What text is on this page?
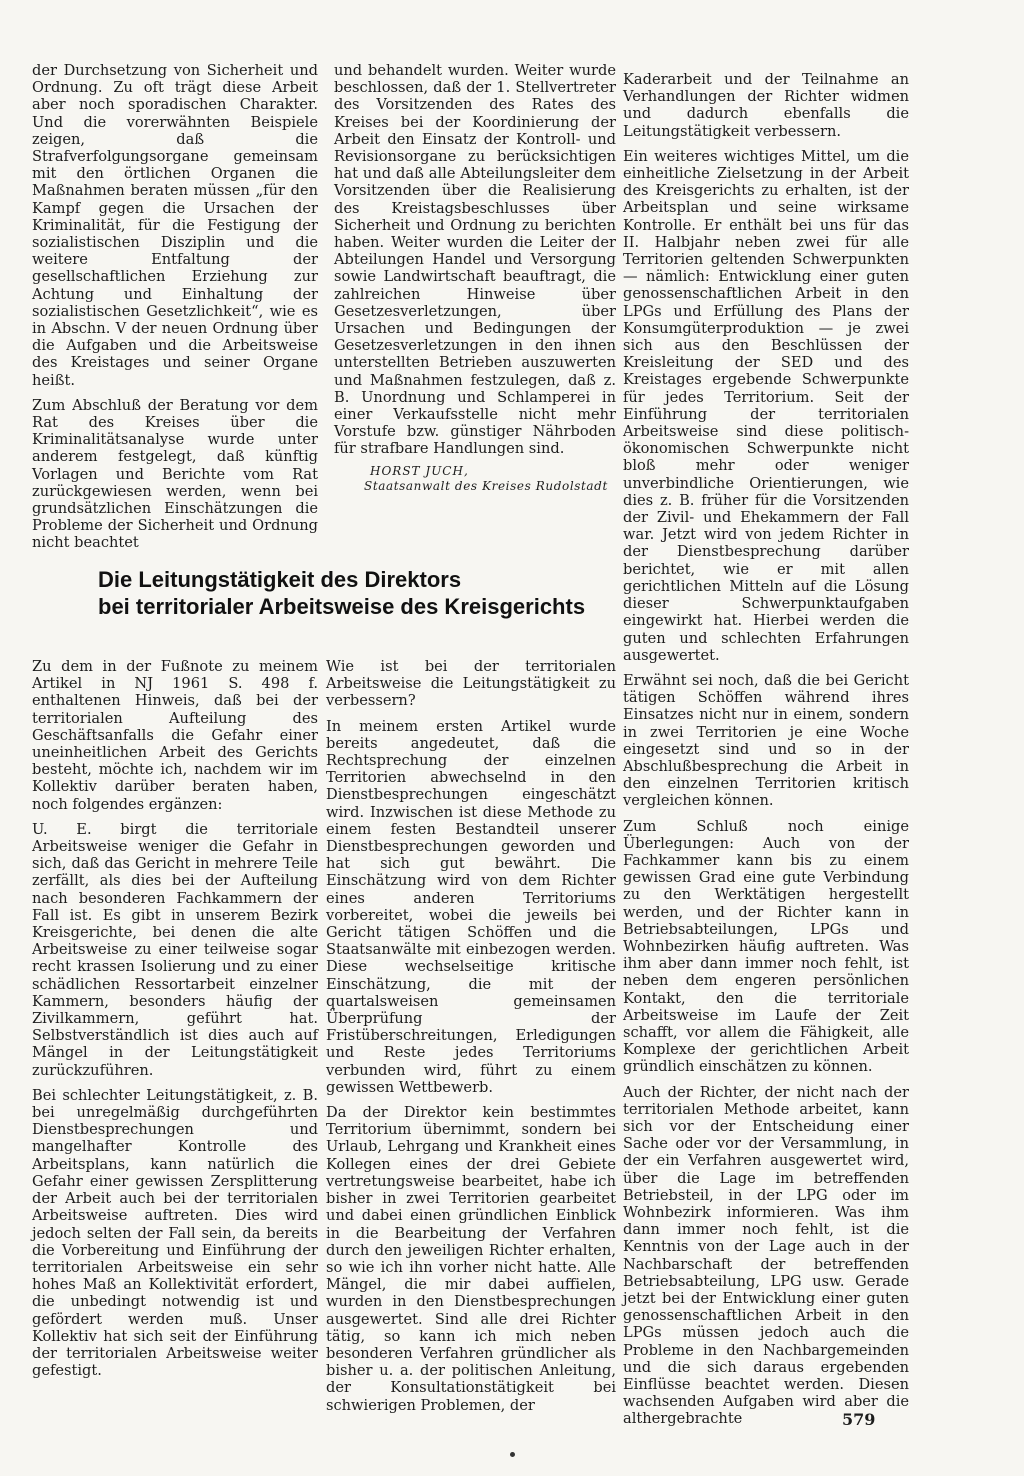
der Durchsetzung von Sicherheit und Ordnung. Zu oft trägt diese Arbeit aber noch sporadischen Charakter. Und die vorerwähnten Beispiele zeigen, daß die Strafverfolgungsorgane gemeinsam mit den örtlichen Organen die Maßnahmen beraten müssen „für den Kampf gegen die Ursachen der Kriminalität, für die Festigung der sozialistischen Disziplin und die weitere Entfaltung der gesellschaftlichen Erziehung zur Achtung und Einhaltung der sozialistischen Gesetzlichkeit“, wie es in Abschn. V der neuen Ordnung über die Aufgaben und die Arbeitsweise des Kreistages und seiner Organe heißt.

Zum Abschluß der Beratung vor dem Rat des Kreises über die Kriminalitätsanalyse wurde unter anderem festgelegt, daß künftig Vorlagen und Berichte vom Rat zurückgewiesen werden, wenn bei grundsätzlichen Einschätzungen die Probleme der Sicherheit und Ordnung nicht beachtet

und behandelt wurden. Weiter wurde beschlossen, daß der 1. Stellvertreter des Vorsitzenden des Rates des Kreises bei der Koordinierung der Arbeit den Einsatz der Kontroll- und Revisionsorgane zu berücksichtigen hat und daß alle Abteilungsleiter dem Vorsitzenden über die Realisierung des Kreistagsbeschlusses über Sicherheit und Ordnung zu berichten haben. Weiter wurden die Leiter der Abteilungen Handel und Versorgung sowie Landwirtschaft beauftragt, die zahlreichen Hinweise über Gesetzesverletzungen, über Ursachen und Bedingungen der Gesetzesverletzungen in den ihnen unterstellten Betrieben auszuwerten und Maßnahmen festzulegen, daß z. B. Unordnung und Schlamperei in einer Verkaufsstelle nicht mehr Vorstufe bzw. günstiger Nährboden für strafbare Handlungen sind.

HORST JUCH,
Staatsanwalt des Kreises Rudolstadt
Die Leitungstätigkeit des Direktors
bei territorialer Arbeitsweise des Kreisgerichts

Kaderarbeit und der Teilnahme an Verhandlungen der Richter widmen und dadurch ebenfalls die Leitungstätigkeit verbessern.

Ein weiteres wichtiges Mittel, um die einheitliche Zielsetzung in der Arbeit des Kreisgerichts zu erhalten, ist der Arbeitsplan und seine wirksame Kontrolle. Er enthält bei uns für das II. Halbjahr neben zwei für alle Territorien geltenden Schwerpunkten — nämlich: Entwicklung einer guten genossenschaftlichen Arbeit in den LPGs und Erfüllung des Plans der Konsumgüterproduktion — je zwei sich aus den Beschlüssen der Kreisleitung der SED und des Kreistages ergebende Schwerpunkte für jedes Territorium. Seit der Einführung der territorialen Arbeitsweise sind diese politisch-ökonomischen Schwerpunkte nicht bloß mehr oder weniger unverbindliche Orientierungen, wie dies z. B. früher für die Vorsitzenden der Zivil- und Ehekammern der Fall war. Jetzt wird von jedem Richter in der Dienstbesprechung darüber berichtet, wie er mit allen gerichtlichen Mitteln auf die Lösung dieser Schwerpunktaufgaben eingewirkt hat. Hierbei werden die guten und schlechten Erfahrungen ausgewertet.

Erwähnt sei noch, daß die bei Gericht tätigen Schöffen während ihres Einsatzes nicht nur in einem, sondern in zwei Territorien je eine Woche eingesetzt sind und so in der Abschlußbesprechung die Arbeit in den einzelnen Territorien kritisch vergleichen können.

Zum Schluß noch einige Überlegungen: Auch von der Fachkammer kann bis zu einem gewissen Grad eine gute Verbindung zu den Werktätigen hergestellt werden, und der Richter kann in Betriebsabteilungen, LPGs und Wohnbezirken häufig auftreten. Was ihm aber dann immer noch fehlt, ist neben dem engeren persönlichen Kontakt, den die territoriale Arbeitsweise im Laufe der Zeit schafft, vor allem die Fähigkeit, alle Komplexe der gerichtlichen Arbeit gründlich einschätzen zu können.

Auch der Richter, der nicht nach der territorialen Methode arbeitet, kann sich vor der Entscheidung einer Sache oder vor der Versammlung, in der ein Verfahren ausgewertet wird, über die Lage im betreffenden Betriebsteil, in der LPG oder im Wohnbezirk informieren. Was ihm dann immer noch fehlt, ist die Kenntnis von der Lage auch in der Nachbarschaft der betreffenden Betriebsabteilung, LPG usw. Gerade jetzt bei der Entwicklung einer guten genossenschaftlichen Arbeit in den LPGs müssen jedoch auch die Probleme in den Nachbargemeinden und die sich daraus ergebenden Einflüsse beachtet werden. Diesen wachsenden Aufgaben wird aber die althergebrachte

Zu dem in der Fußnote zu meinem Artikel in NJ 1961 S. 498 f. enthaltenen Hinweis, daß bei der territorialen Aufteilung des Geschäftsanfalls die Gefahr einer uneinheitlichen Arbeit des Gerichts besteht, möchte ich, nachdem wir im Kollektiv darüber beraten haben, noch folgendes ergänzen:

U. E. birgt die territoriale Arbeitsweise weniger die Gefahr in sich, daß das Gericht in mehrere Teile zerfällt, als dies bei der Aufteilung nach besonderen Fachkammern der Fall ist. Es gibt in unserem Bezirk Kreisgerichte, bei denen die alte Arbeitsweise zu einer teilweise sogar recht krassen Isolierung und zu einer schädlichen Ressortarbeit einzelner Kammern, besonders häufig der Zivilkammern, geführt hat. Selbstverständlich ist dies auch auf Mängel in der Leitungstätigkeit zurückzuführen.

Bei schlechter Leitungstätigkeit, z. B. bei unregelmäßig durchgeführten Dienstbesprechungen und mangelhafter Kontrolle des Arbeitsplans, kann natürlich die Gefahr einer gewissen Zersplitterung der Arbeit auch bei der territorialen Arbeitsweise auftreten. Dies wird jedoch selten der Fall sein, da bereits die Vorbereitung und Einführung der territorialen Arbeitsweise ein sehr hohes Maß an Kollektivität erfordert, die unbedingt notwendig ist und gefördert werden muß. Unser Kollektiv hat sich seit der Einführung der territorialen Arbeitsweise weiter gefestigt.

Wie ist bei der territorialen Arbeitsweise die Leitungstätigkeit zu verbessern?

In meinem ersten Artikel wurde bereits angedeutet, daß die Rechtsprechung der einzelnen Territorien abwechselnd in den Dienstbesprechungen eingeschätzt wird. Inzwischen ist diese Methode zu einem festen Bestandteil unserer Dienstbesprechungen geworden und hat sich gut bewährt. Die Einschätzung wird von dem Richter eines anderen Territoriums vorbereitet, wobei die jeweils bei Gericht tätigen Schöffen und die Staatsanwälte mit einbezogen werden. Diese wechselseitige kritische Einschätzung, die mit der quartalsweisen gemeinsamen Überprüfung der Fristüberschreitungen, Erledigungen und Reste jedes Territoriums verbunden wird, führt zu einem gewissen Wettbewerb.

Da der Direktor kein bestimmtes Territorium übernimmt, sondern bei Urlaub, Lehrgang und Krankheit eines Kollegen eines der drei Gebiete vertretungsweise bearbeitet, habe ich bisher in zwei Territorien gearbeitet und dabei einen gründlichen Einblick in die Bearbeitung der Verfahren durch den jeweiligen Richter erhalten, so wie ich ihn vorher nicht hatte. Alle Mängel, die mir dabei auffielen, wurden in den Dienstbesprechungen ausgewertet. Sind alle drei Richter tätig, so kann ich mich neben besonderen Verfahren gründlicher als bisher u. a. der politischen Anleitung, der Konsultationstätigkeit bei schwierigen Problemen, der

579
